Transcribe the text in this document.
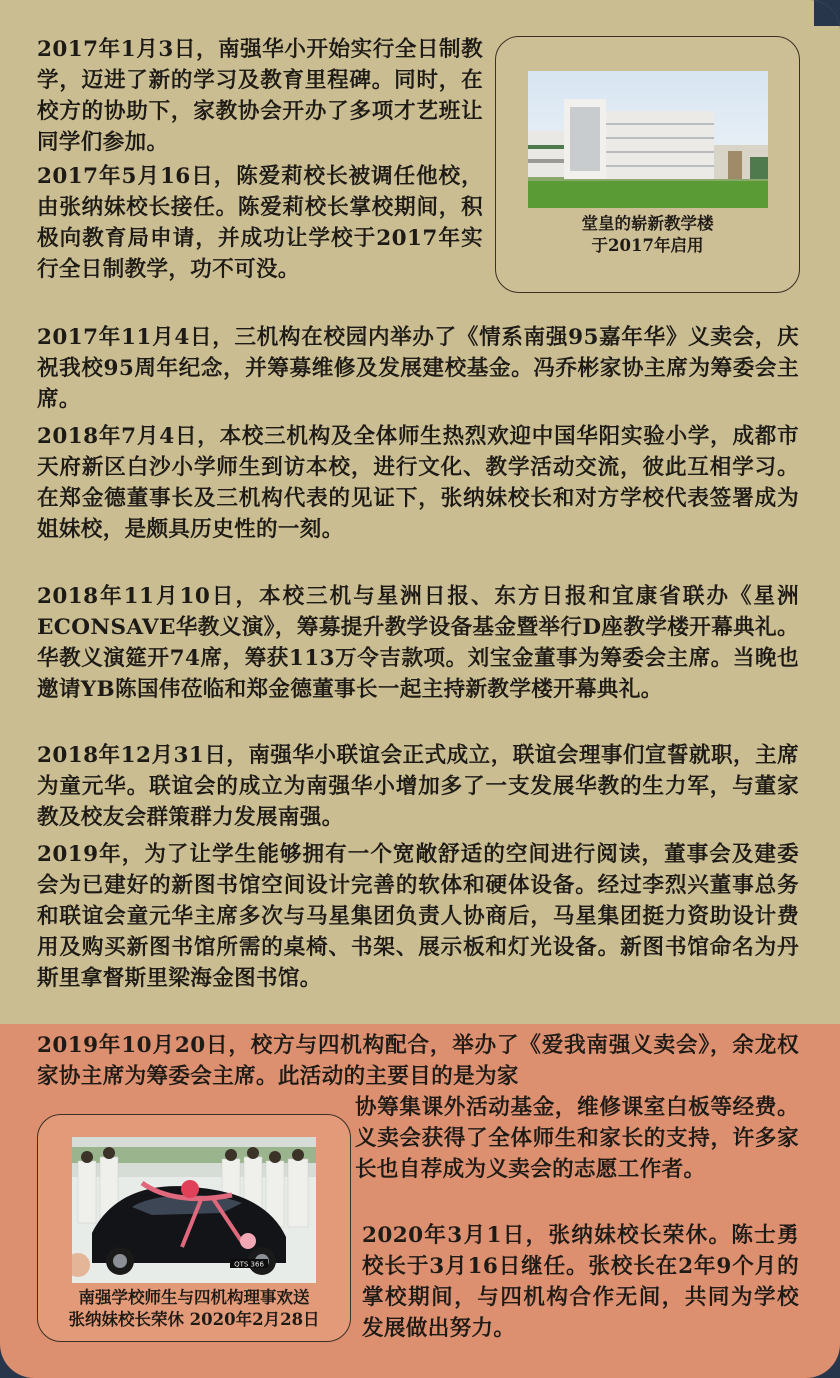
2017年1月3日，南强华小开始实行全日制教学，迈进了新的学习及教育里程碑。同时，在校方的协助下，家教协会开办了多项才艺班让同学们参加。

2017年5月16日，陈爱莉校长被调任他校，由张纳妹校长接任。陈爱莉校长掌校期间，积极向教育局申请，并成功让学校于2017年实行全日制教学，功不可没。

堂皇的崭新教学楼
于2017年启用

2017年11月4日，三机构在校园内举办了《情系南强95嘉年华》义卖会，庆祝我校95周年纪念，并筹募维修及发展建校基金。冯乔彬家协主席为筹委会主席。

2018年7月4日，本校三机构及全体师生热烈欢迎中国华阳实验小学，成都市天府新区白沙小学师生到访本校，进行文化、教学活动交流，彼此互相学习。在郑金德董事长及三机构代表的见证下，张纳妹校长和对方学校代表签署成为姐妹校，是颇具历史性的一刻。

2018年11月10日，本校三机与星洲日报、东方日报和宜康省联办《星洲ECONSAVE华教义演》，筹募提升教学设备基金暨举行D座教学楼开幕典礼。华教义演筵开74席，筹获113万令吉款项。刘宝金董事为筹委会主席。当晚也邀请YB陈国伟莅临和郑金德董事长一起主持新教学楼开幕典礼。

2018年12月31日，南强华小联谊会正式成立，联谊会理事们宣誓就职，主席为童元华。联谊会的成立为南强华小增加多了一支发展华教的生力军，与董家教及校友会群策群力发展南强。

2019年，为了让学生能够拥有一个宽敞舒适的空间进行阅读，董事会及建委会为已建好的新图书馆空间设计完善的软体和硬体设备。经过李烈兴董事总务和联谊会童元华主席多次与马星集团负责人协商后，马星集团挺力资助设计费用及购买新图书馆所需的桌椅、书架、展示板和灯光设备。新图书馆命名为丹斯里拿督斯里梁海金图书馆。

2019年10月20日，校方与四机构配合，举办了《爱我南强义卖会》，余龙权家协主席为筹委会主席。此活动的主要目的是为家

协筹集课外活动基金，维修课室白板等经费。义卖会获得了全体师生和家长的支持，许多家长也自荐成为义卖会的志愿工作者。

2020年3月1日，张纳妹校长荣休。陈士勇校长于3月16日继任。张校长在2年9个月的掌校期间，与四机构合作无间，共同为学校发展做出努力。

QTS 366
南强学校师生与四机构理事欢送
张纳妹校长荣休 2020年2月28日
